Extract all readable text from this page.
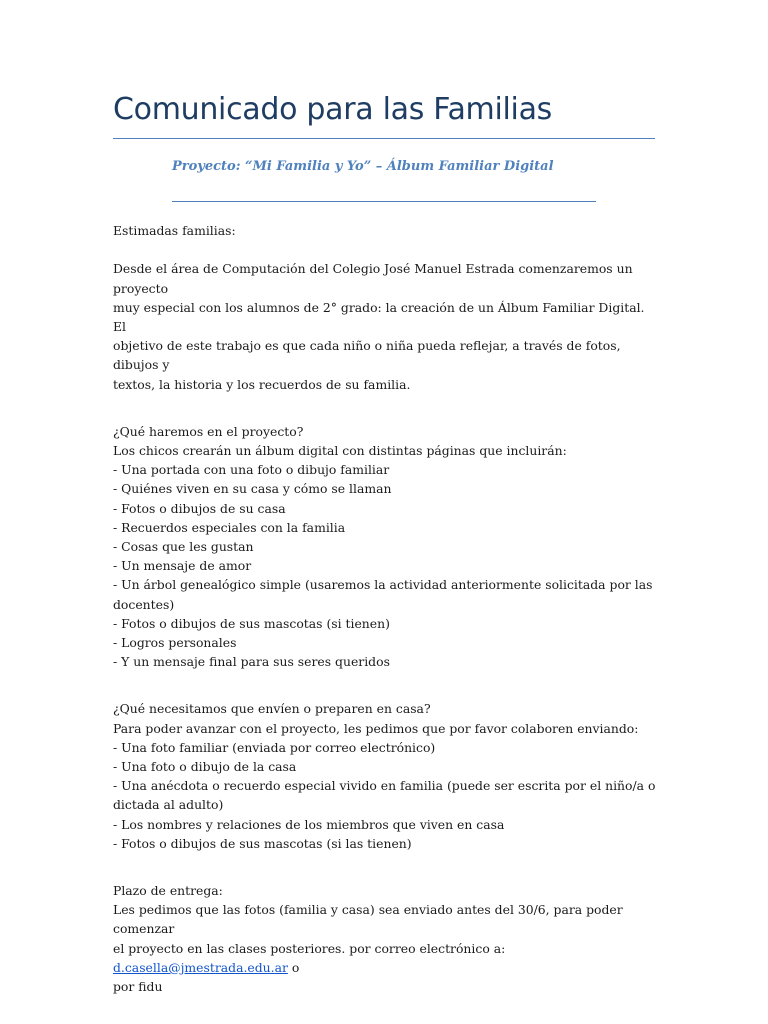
Comunicado para las Familias
Proyecto: “Mi Familia y Yo” – Álbum Familiar Digital

Estimadas familias:

Desde el área de Computación del Colegio José Manuel Estrada comenzaremos un proyecto

muy especial con los alumnos de 2° grado: la creación de un Álbum Familiar Digital. El

objetivo de este trabajo es que cada niño o niña pueda reflejar, a través de fotos, dibujos y

textos, la historia y los recuerdos de su familia.

¿Qué haremos en el proyecto?

Los chicos crearán un álbum digital con distintas páginas que incluirán:

- Una portada con una foto o dibujo familiar

- Quiénes viven en su casa y cómo se llaman

- Fotos o dibujos de su casa

- Recuerdos especiales con la familia

- Cosas que les gustan

- Un mensaje de amor

- Un árbol genealógico simple (usaremos la actividad anteriormente solicitada por las

docentes)

- Fotos o dibujos de sus mascotas (si tienen)

- Logros personales

- Y un mensaje final para sus seres queridos

¿Qué necesitamos que envíen o preparen en casa?

Para poder avanzar con el proyecto, les pedimos que por favor colaboren enviando:

- Una foto familiar (enviada por correo electrónico)

- Una foto o dibujo de la casa

- Una anécdota o recuerdo especial vivido en familia (puede ser escrita por el niño/a o

dictada al adulto)

- Los nombres y relaciones de los miembros que viven en casa

- Fotos o dibujos de sus mascotas (si las tienen)

Plazo de entrega:

Les pedimos que las fotos (familia y casa) sea enviado antes del 30/6, para poder comenzar

el proyecto en las clases posteriores. por correo electrónico a: d.casella@jmestrada.edu.ar o

por fidu
